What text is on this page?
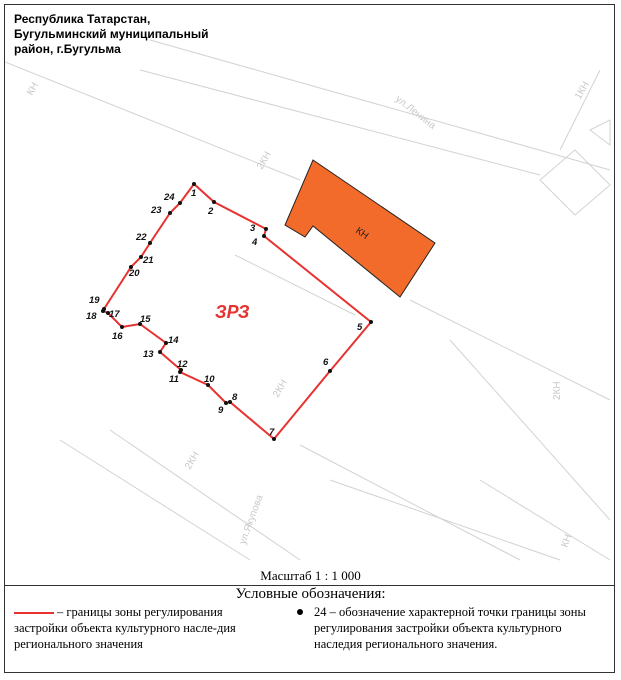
ул.Ленина
ул.Якупова
2КН
2КН
2КН
КН
2КН
КН
1КН
КН
1
2
3
4
5
6
7
8
9
10
11
12
13
14
15
16
17
18
19
20
21
22
23
24
ЗРЗ
Республика Татарстан,
Бугульминский муниципальный
район, г.Бугульма
Масштаб 1 : 1 000
Условные обозначения:
– границы зоны регулирования застройки объекта культурного насле-дия регионального значения
24 – обозначение характерной точки границы зоны регулирования застройки объекта культурного наследия регионального значения.
